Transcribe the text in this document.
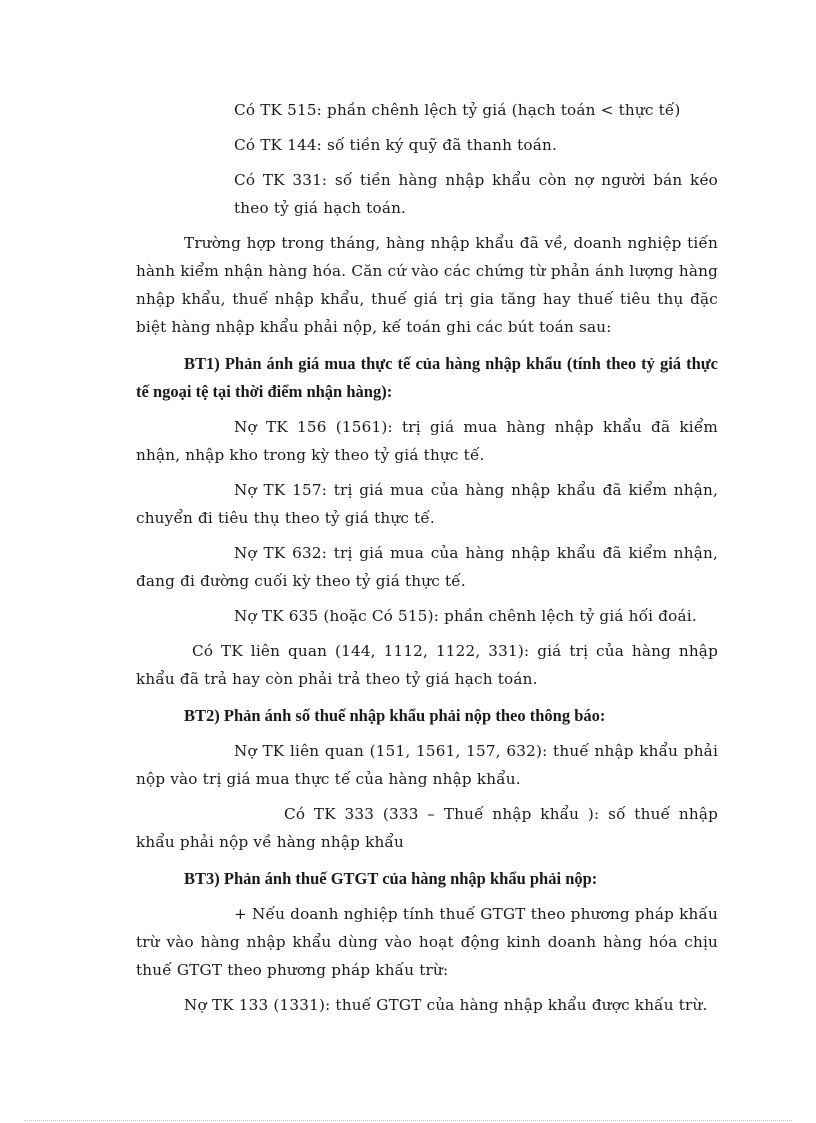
Có TK 515: phần chênh lệch tỷ giá (hạch toán < thực tế)

Có TK 144: số tiền ký quỹ đã thanh toán.

Có TK 331: số tiền hàng nhập khẩu còn nợ người bán kéo theo tỷ giá hạch toán.

Trường hợp trong tháng, hàng nhập khẩu đã về, doanh nghiệp tiến hành kiểm nhận hàng hóa. Căn cứ vào các chứng từ phản ánh lượng hàng nhập khẩu, thuế nhập khẩu, thuế giá trị gia tăng hay thuế tiêu thụ đặc biệt hàng nhập khẩu phải nộp, kế toán ghi các bút toán sau:

BT1) Phản ánh giá mua thực tế của hàng nhập khẩu (tính theo tỷ giá thực tế ngoại tệ tại thời điểm nhận hàng):

Nợ TK 156 (1561): trị giá mua hàng nhập khẩu đã kiểm nhận, nhập kho trong kỳ theo tỷ giá thực tế.

Nợ TK 157: trị giá mua của hàng nhập khẩu đã kiểm nhận, chuyển đi tiêu thụ theo tỷ giá thực tế.

Nợ TK 632: trị giá mua của hàng nhập khẩu đã kiểm nhận, đang đi đường cuối kỳ theo tỷ giá thực tế.

Nợ TK 635 (hoặc Có 515): phần chênh lệch tỷ giá hối đoái.

Có TK liên quan (144, 1112, 1122, 331): giá trị của hàng nhập khẩu đã trả hay còn phải trả theo tỷ giá hạch toán.

BT2) Phản ánh số thuế nhập khẩu phải nộp theo thông báo:

Nợ TK liên quan (151, 1561, 157, 632): thuế nhập khẩu phải nộp vào trị giá mua thực tế của hàng nhập khẩu.

Có TK 333 (333 – Thuế nhập khẩu ): số thuế nhập khẩu phải nộp về hàng nhập khẩu

BT3) Phản ánh thuế GTGT của hàng nhập khẩu phải nộp:

+ Nếu doanh nghiệp tính thuế GTGT theo phương pháp khấu trừ vào hàng nhập khẩu dùng vào hoạt động kinh doanh hàng hóa chịu thuế GTGT theo phương pháp khấu trừ:

Nợ TK 133 (1331): thuế GTGT của hàng nhập khẩu được khấu trừ.
